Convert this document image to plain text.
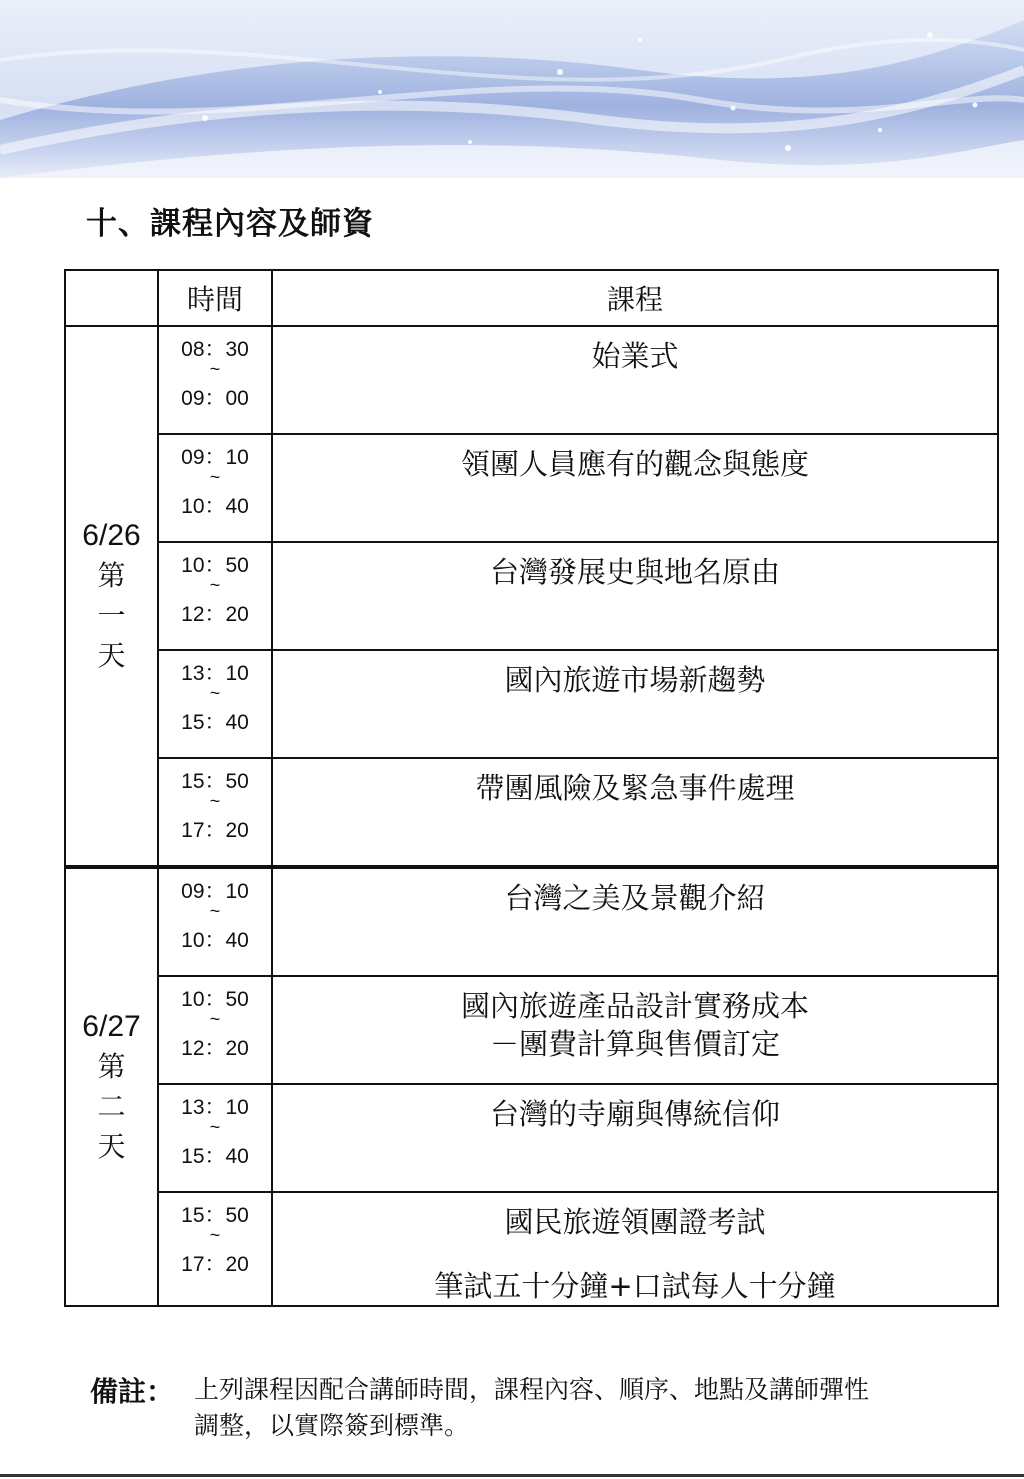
十、課程內容及師資
	時間	課程

6/26
第
一
天	08：30
~
09：00	始業式

	09：10
~
10：40	領團人員應有的觀念與態度

	10：50
~
12：20	台灣發展史與地名原由

	13：10
~
15：40	國內旅遊市場新趨勢

	15：50
~
17：20	帶團風險及緊急事件處理

6/27
第
二
天	09：10
~
10：40	台灣之美及景觀介紹

	10：50
~
12：20	國內旅遊產品設計實務成本
－團費計算與售價訂定

	13：10
~
15：40	台灣的寺廟與傳統信仰

	15：50
~
17：20	國民旅遊領團證考試
筆試五十分鐘+口試每人十分鐘
備註： 上列課程因配合講師時間，課程內容、順序、地點及講師彈性
調整，以實際簽到標準。
